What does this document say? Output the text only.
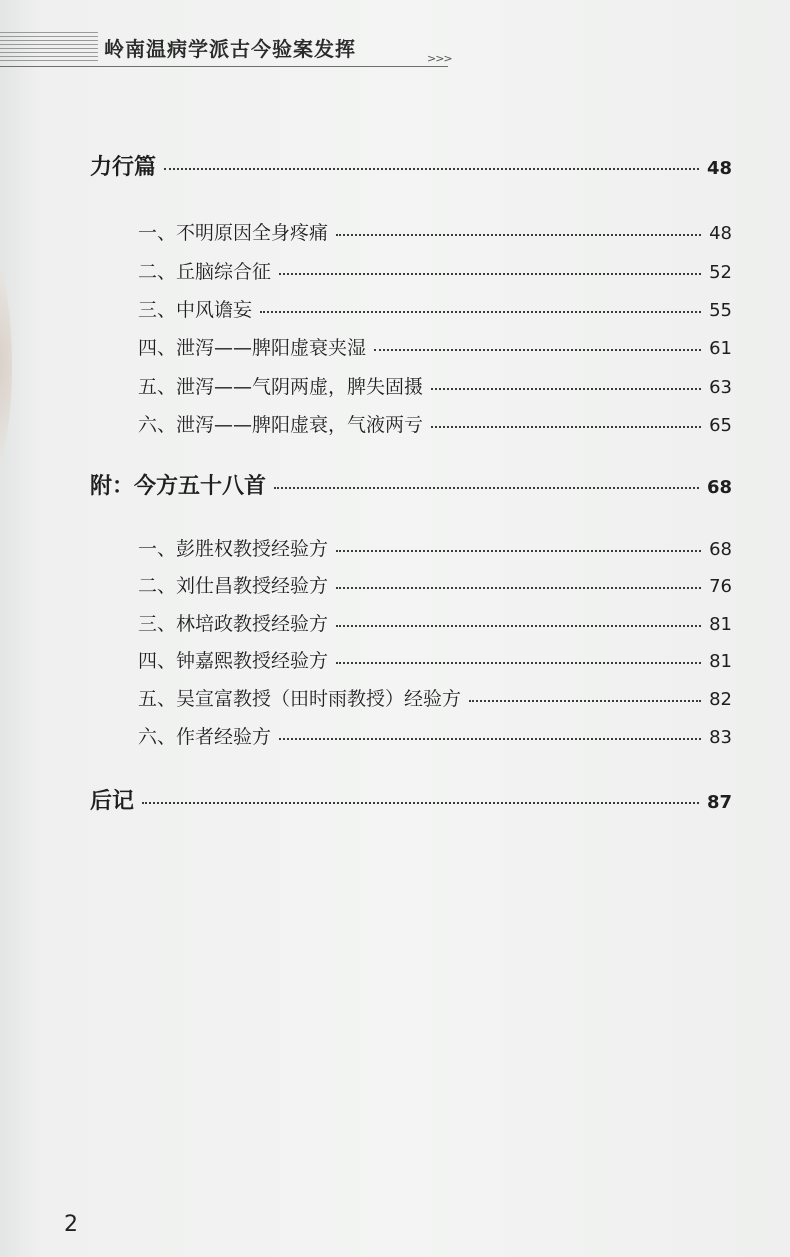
岭南温病学派古今验案发挥	>>>
力行篇	48
一、不明原因全身疼痛	48
二、丘脑综合征	52
三、中风谵妄	55
四、泄泻——脾阳虚衰夹湿	61
五、泄泻——气阴两虚，脾失固摄	63
六、泄泻——脾阳虚衰，气液两亏	65
附：今方五十八首	68
一、彭胜权教授经验方	68
二、刘仕昌教授经验方	76
三、林培政教授经验方	81
四、钟嘉熙教授经验方	81
五、吴宣富教授（田时雨教授）经验方	82
六、作者经验方	83
后记	87
2
